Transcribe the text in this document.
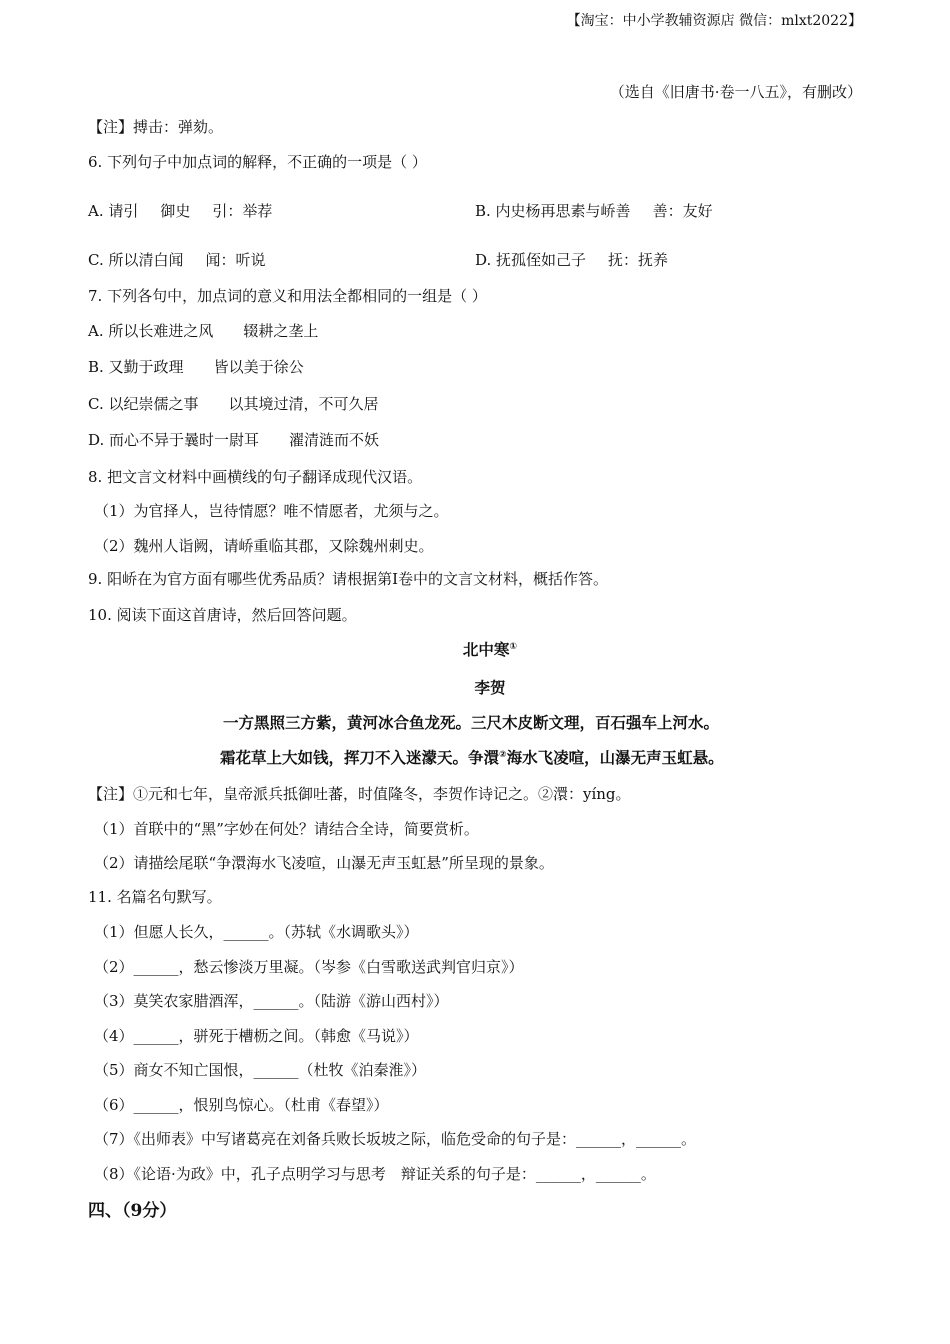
【淘宝：中小学教辅资源店 微信：mlxt2022】
（选自《旧唐书·卷一八五》，有删改）
【注】搏击：弹劾。
6. 下列句子中加点词的解释，不正确的一项是（ ）
A. 请引 御史 引：举荐	B. 内史杨再思素与峤善 善：友好
C. 所以清白闻 闻：听说	D. 抚孤侄如己子 抚：抚养
7. 下列各句中，加点词的意义和用法全都相同的一组是（ ）
A. 所以长难进之风 辍耕之垄上
B. 又勤于政理 皆以美于徐公
C. 以纪崇儒之事 以其境过清，不可久居
D. 而心不异于曩时一尉耳 濯清涟而不妖
8. 把文言文材料中画横线的句子翻译成现代汉语。
（1）为官择人，岂待情愿？唯不情愿者，尤须与之。
（2）魏州人诣阙，请峤重临其郡，又除魏州刺史。
9. 阳峤在为官方面有哪些优秀品质？请根据第Ⅰ卷中的文言文材料，概括作答。
10. 阅读下面这首唐诗，然后回答问题。
北中寒①
李贺
一方黑照三方紫，黄河冰合鱼龙死。三尺木皮断文理，百石强车上河水。
霜花草上大如钱，挥刀不入迷濛天。争澴②海水飞凌喧，山瀑无声玉虹悬。
【注】①元和七年，皇帝派兵抵御吐蕃，时值隆冬，李贺作诗记之。②澴：yíng。
（1）首联中的“黑”字妙在何处？请结合全诗，简要赏析。
（2）请描绘尾联“争澴海水飞凌喧，山瀑无声玉虹悬”所呈现的景象。
11. 名篇名句默写。
（1）但愿人长久，______。（苏轼《水调歌头》）
（2）______，愁云惨淡万里凝。（岑参《白雪歌送武判官归京》）
（3）莫笑农家腊酒浑，______。（陆游《游山西村》）
（4）______，骈死于槽枥之间。（韩愈《马说》）
（5）商女不知亡国恨，______（杜牧《泊秦淮》）
（6）______，恨别鸟惊心。（杜甫《春望》）
（7）《出师表》中写诸葛亮在刘备兵败长坂坡之际，临危受命的句子是：______，______。
（8）《论语·为政》中，孔子点明学习与思考　辩证关系的句子是：______，______。
四、（9分）
